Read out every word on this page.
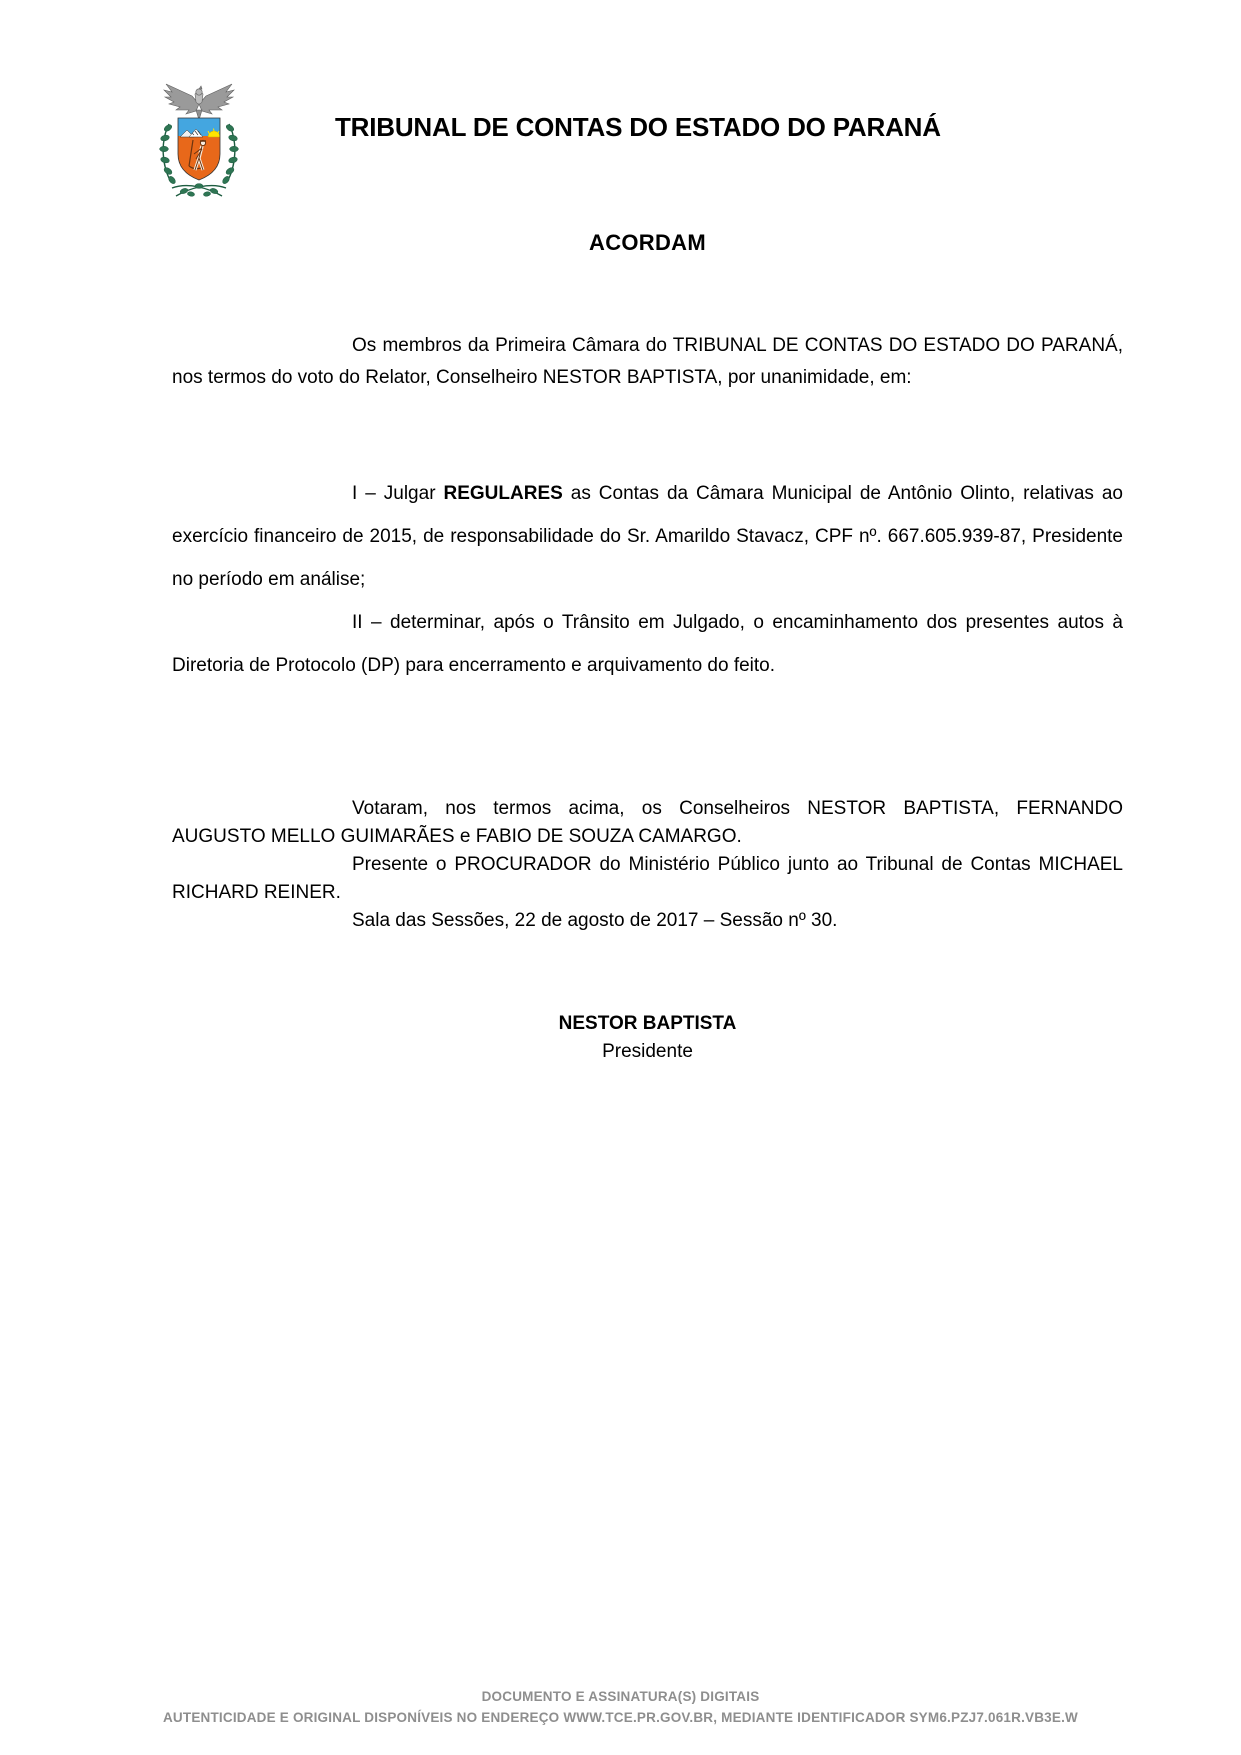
TRIBUNAL DE CONTAS DO ESTADO DO PARANÁ
ACORDAM

Os membros da Primeira Câmara do TRIBUNAL DE CONTAS DO ESTADO DO PARANÁ, nos termos do voto do Relator, Conselheiro NESTOR BAPTISTA, por unanimidade, em:

I – Julgar REGULARES as Contas da Câmara Municipal de Antônio Olinto, relativas ao exercício financeiro de 2015, de responsabilidade do Sr. Amarildo Stavacz, CPF nº. 667.605.939-87, Presidente no período em análise;

II – determinar, após o Trânsito em Julgado, o encaminhamento dos presentes autos à Diretoria de Protocolo (DP) para encerramento e arquivamento do feito.

Votaram, nos termos acima, os Conselheiros NESTOR BAPTISTA, FERNANDO AUGUSTO MELLO GUIMARÃES e FABIO DE SOUZA CAMARGO.

Presente o PROCURADOR do Ministério Público junto ao Tribunal de Contas MICHAEL RICHARD REINER.

Sala das Sessões, 22 de agosto de 2017 – Sessão nº 30.

NESTOR BAPTISTA
Presidente
DOCUMENTO E ASSINATURA(S) DIGITAIS
AUTENTICIDADE E ORIGINAL DISPONÍVEIS NO ENDEREÇO WWW.TCE.PR.GOV.BR, MEDIANTE IDENTIFICADOR SYM6.PZJ7.061R.VB3E.W
